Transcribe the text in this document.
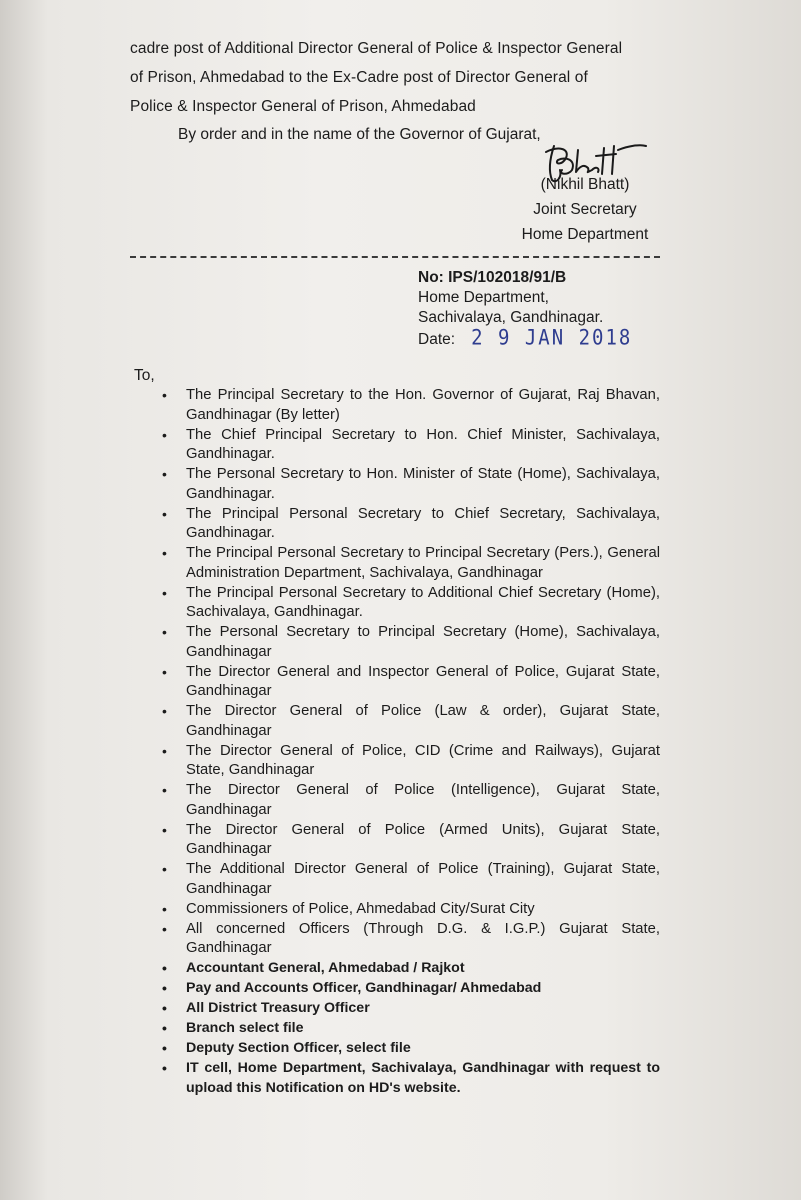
cadre post of Additional Director General of Police & Inspector General
of Prison, Ahmedabad to the Ex-Cadre post of Director General of
Police & Inspector General of Prison, Ahmedabad
By order and in the name of the Governor of Gujarat,
(Nikhil Bhatt)
Joint Secretary
Home Department
No: IPS/102018/91/B
Home Department,
Sachivalaya, Gandhinagar.
Date: 2 9 JAN 2018
To,
• The Principal Secretary to the Hon. Governor of Gujarat, Raj Bhavan, Gandhinagar (By letter)
• The Chief Principal Secretary to Hon. Chief Minister, Sachivalaya, Gandhinagar.
• The Personal Secretary to Hon. Minister of State (Home), Sachivalaya, Gandhinagar.
• The Principal Personal Secretary to Chief Secretary, Sachivalaya, Gandhinagar.
• The Principal Personal Secretary to Principal Secretary (Pers.), General Administration Department, Sachivalaya, Gandhinagar
• The Principal Personal Secretary to Additional Chief Secretary (Home), Sachivalaya, Gandhinagar.
• The Personal Secretary to Principal Secretary (Home), Sachivalaya, Gandhinagar
• The Director General and Inspector General of Police, Gujarat State, Gandhinagar
• The Director General of Police (Law & order), Gujarat State, Gandhinagar
• The Director General of Police, CID (Crime and Railways), Gujarat State, Gandhinagar
• The Director General of Police (Intelligence), Gujarat State, Gandhinagar
• The Director General of Police (Armed Units), Gujarat State, Gandhinagar
• The Additional Director General of Police (Training), Gujarat State, Gandhinagar
• Commissioners of Police, Ahmedabad City/Surat City
• All concerned Officers (Through D.G. & I.G.P.) Gujarat State, Gandhinagar
• Accountant General, Ahmedabad / Rajkot
• Pay and Accounts Officer, Gandhinagar/ Ahmedabad
• All District Treasury Officer
• Branch select file
• Deputy Section Officer, select file
• IT cell, Home Department, Sachivalaya, Gandhinagar with request to upload this Notification on HD's website.
